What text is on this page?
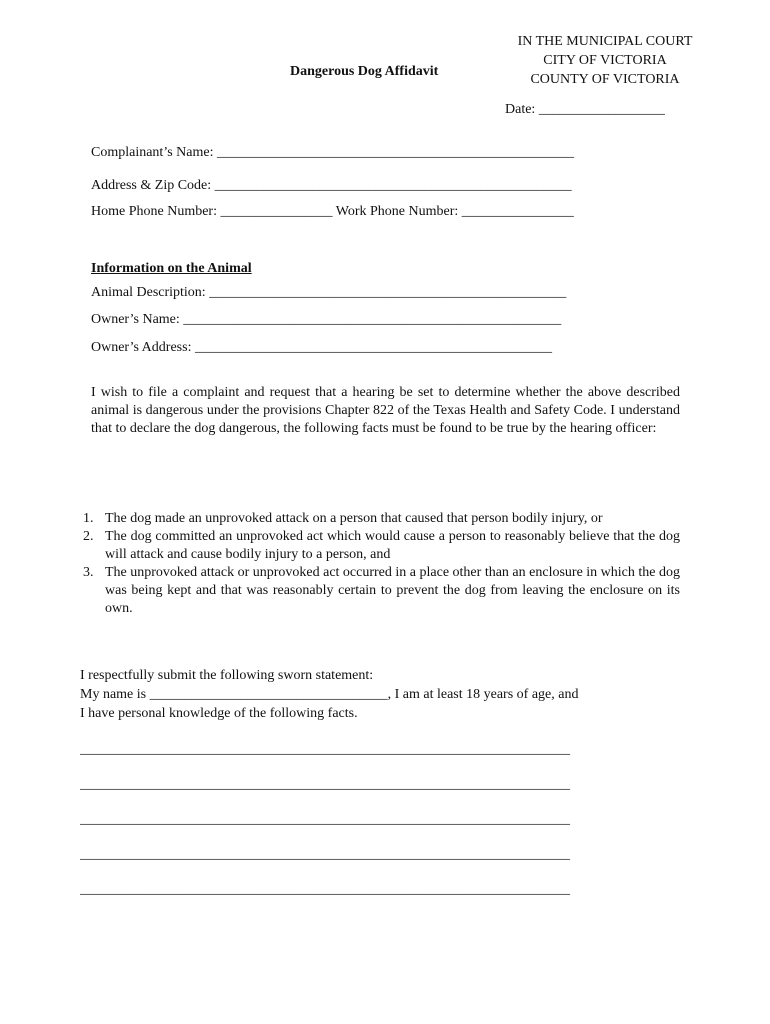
IN THE MUNICIPAL COURT
CITY OF VICTORIA
COUNTY OF VICTORIA
Dangerous Dog Affidavit
Date: __________________
Complainant’s Name: ___________________________________________________
Address & Zip Code: ___________________________________________________
Home Phone Number: ________________ Work Phone Number: ________________
Information on the Animal
Animal Description: ___________________________________________________
Owner’s Name: ______________________________________________________
Owner’s Address: ___________________________________________________
I wish to file a complaint and request that a hearing be set to determine whether the above described animal is dangerous under the provisions Chapter 822 of the Texas Health and Safety Code. I understand that to declare the dog dangerous, the following facts must be found to be true by the hearing officer:
1. The dog made an unprovoked attack on a person that caused that person bodily injury, or
2. The dog committed an unprovoked act which would cause a person to reasonably believe that the dog will attack and cause bodily injury to a person, and
3. The unprovoked attack or unprovoked act occurred in a place other than an enclosure in which the dog was being kept and that was reasonably certain to prevent the dog from leaving the enclosure on its own.
I respectfully submit the following sworn statement:
My name is __________________________________, I am at least 18 years of age, and
I have personal knowledge of the following facts.
______________________________________________________________________
______________________________________________________________________
______________________________________________________________________
______________________________________________________________________
______________________________________________________________________
